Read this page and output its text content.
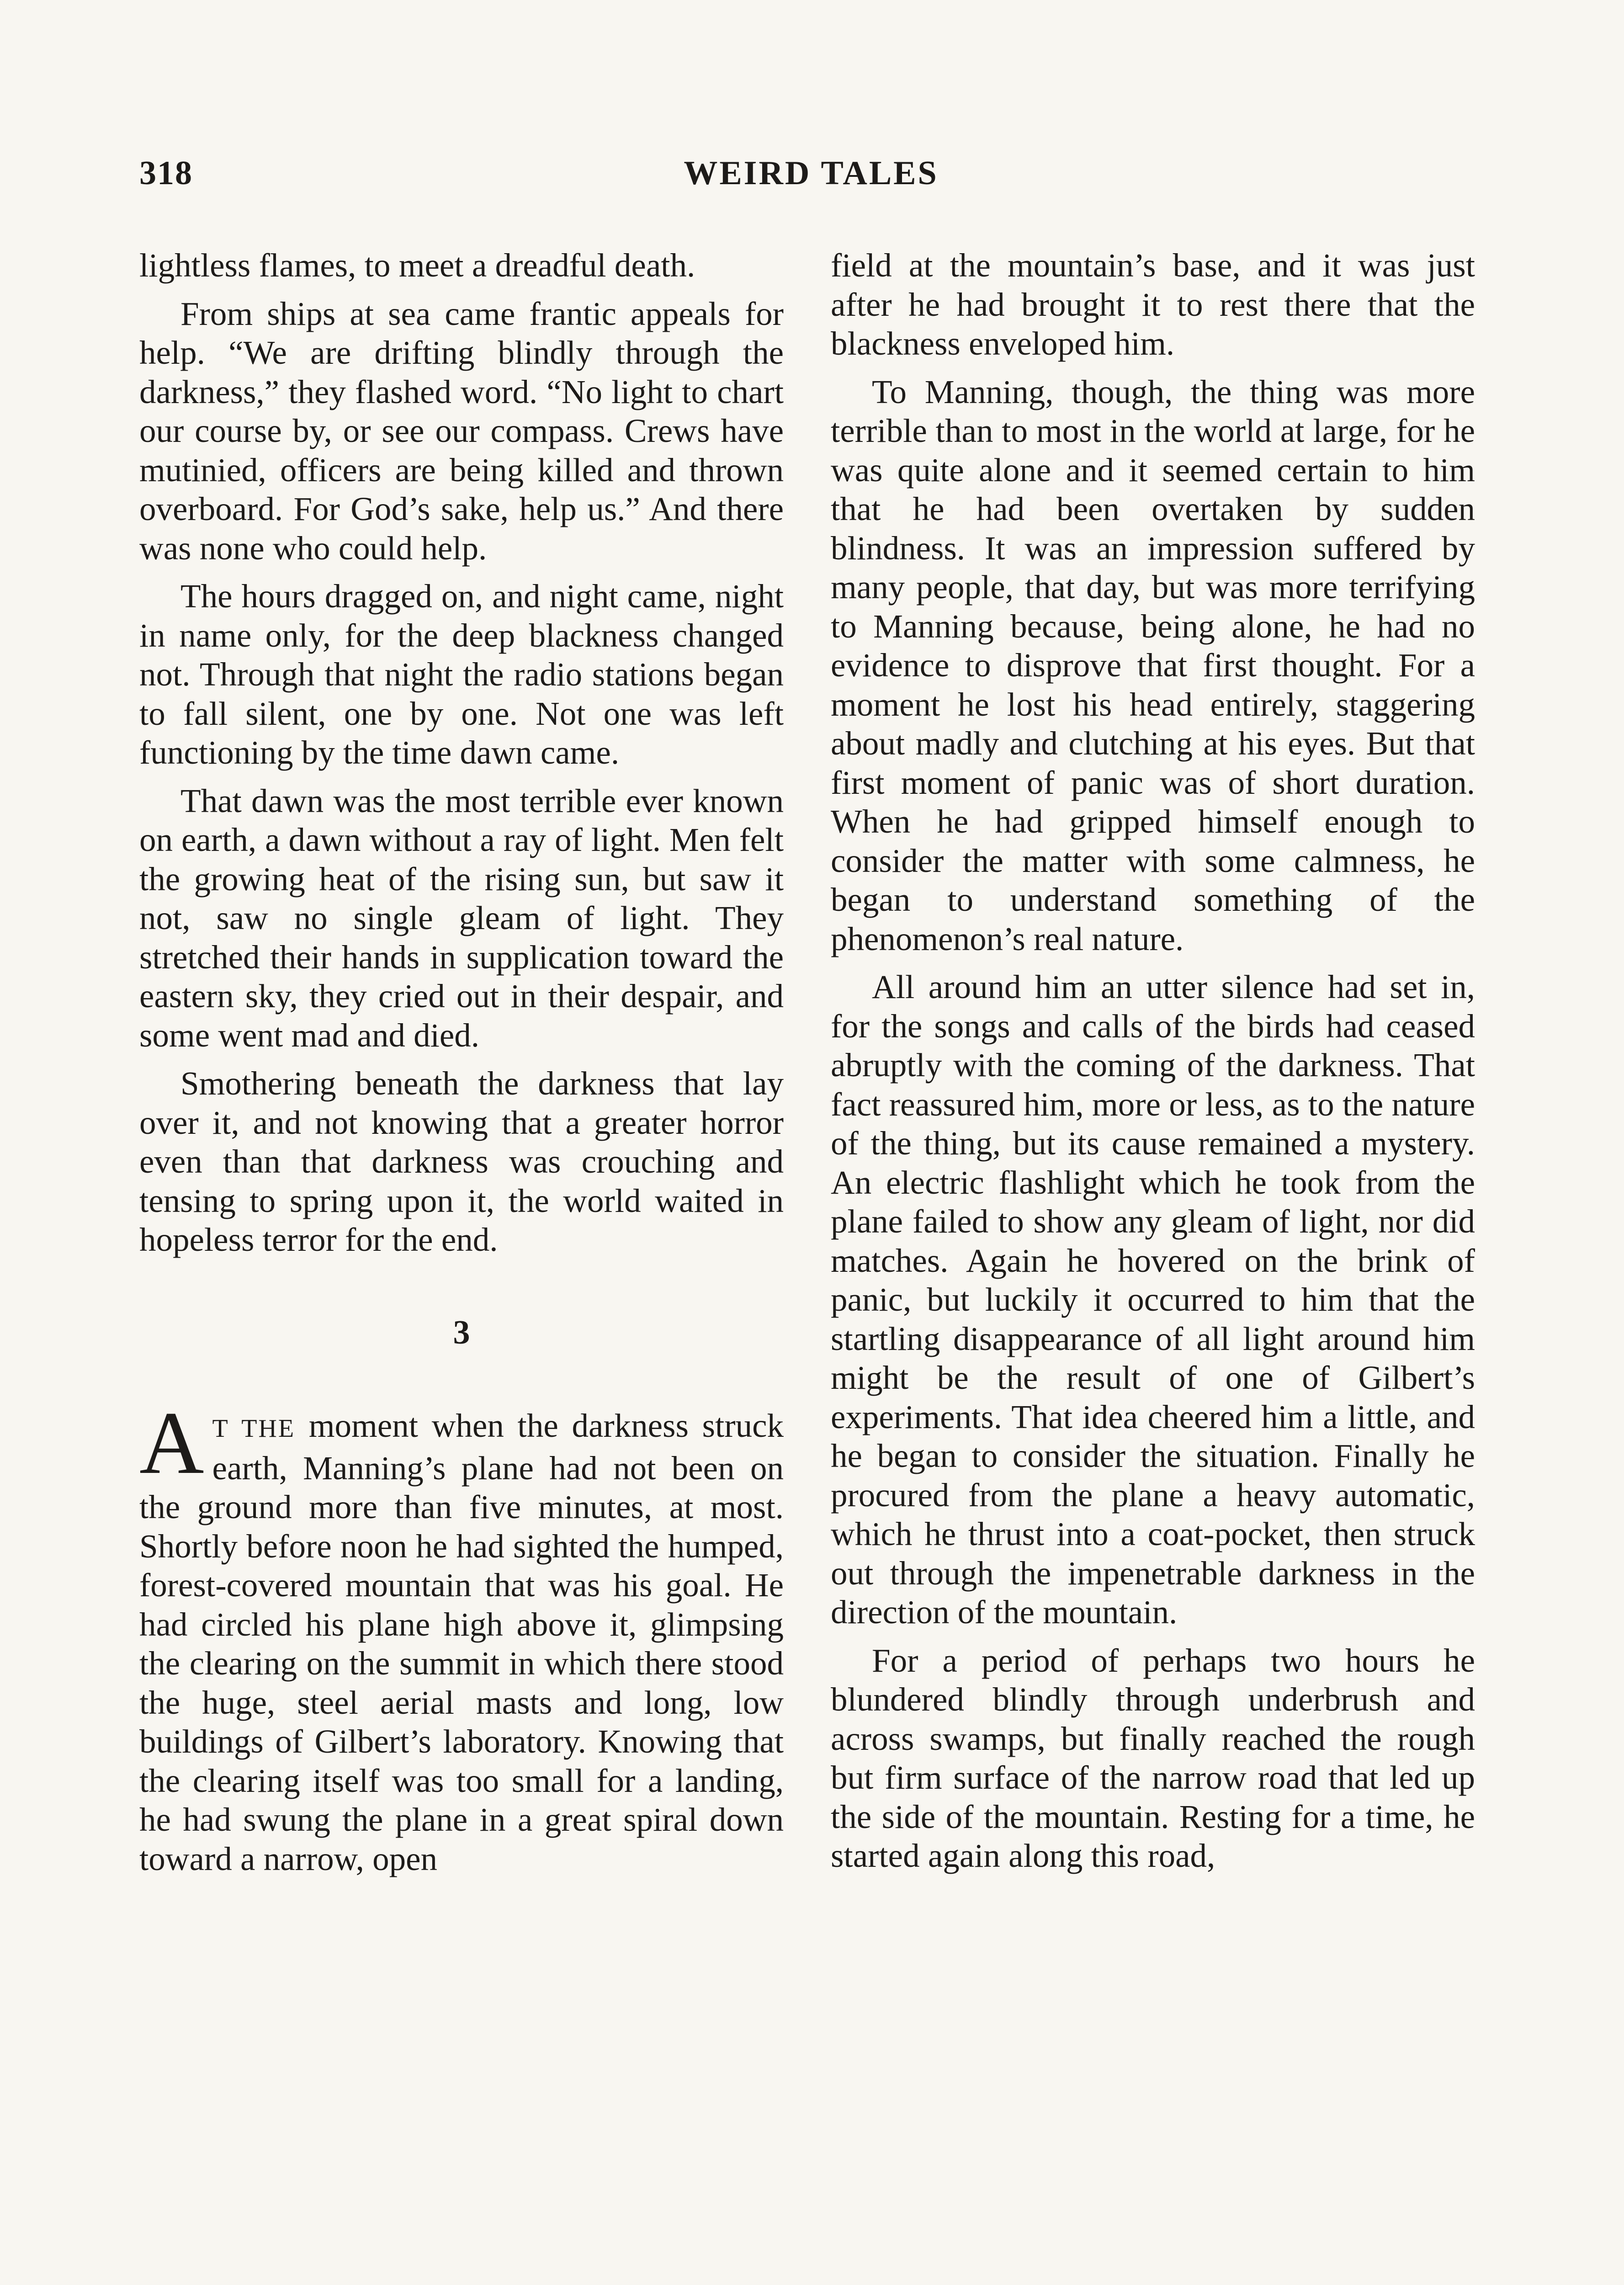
318	WEIRD TALES

lightless flames, to meet a dreadful death.

From ships at sea came frantic appeals for help. “We are drifting blindly through the darkness,” they flashed word. “No light to chart our course by, or see our compass. Crews have mutinied, officers are being killed and thrown overboard. For God’s sake, help us.” And there was none who could help.

The hours dragged on, and night came, night in name only, for the deep blackness changed not. Through that night the radio stations began to fall silent, one by one. Not one was left functioning by the time dawn came.

That dawn was the most terrible ever known on earth, a dawn without a ray of light. Men felt the growing heat of the rising sun, but saw it not, saw no single gleam of light. They stretched their hands in supplication toward the eastern sky, they cried out in their despair, and some went mad and died.

Smothering beneath the darkness that lay over it, and not knowing that a greater horror even than that darkness was crouching and tensing to spring upon it, the world waited in hopeless terror for the end.

3

A T THE moment when the darkness struck earth, Manning’s plane had not been on the ground more than five minutes, at most. Shortly before noon he had sighted the humped, forest-covered mountain that was his goal. He had circled his plane high above it, glimpsing the clearing on the summit in which there stood the huge, steel aerial masts and long, low buildings of Gilbert’s laboratory. Knowing that the clearing itself was too small for a landing, he had swung the plane in a great spiral down toward a narrow, open

field at the mountain’s base, and it was just after he had brought it to rest there that the blackness enveloped him.

To Manning, though, the thing was more terrible than to most in the world at large, for he was quite alone and it seemed certain to him that he had been overtaken by sudden blindness. It was an impression suffered by many people, that day, but was more terrifying to Manning because, being alone, he had no evidence to disprove that first thought. For a moment he lost his head entirely, staggering about madly and clutching at his eyes. But that first moment of panic was of short duration. When he had gripped himself enough to consider the matter with some calmness, he began to understand something of the phenomenon’s real nature.

All around him an utter silence had set in, for the songs and calls of the birds had ceased abruptly with the coming of the darkness. That fact reassured him, more or less, as to the nature of the thing, but its cause remained a mystery. An electric flashlight which he took from the plane failed to show any gleam of light, nor did matches. Again he hovered on the brink of panic, but luckily it occurred to him that the startling disappearance of all light around him might be the result of one of Gilbert’s experiments. That idea cheered him a little, and he began to consider the situation. Finally he procured from the plane a heavy automatic, which he thrust into a coat-pocket, then struck out through the impenetrable darkness in the direction of the mountain.

For a period of perhaps two hours he blundered blindly through underbrush and across swamps, but finally reached the rough but firm surface of the narrow road that led up the side of the mountain. Resting for a time, he started again along this road,
